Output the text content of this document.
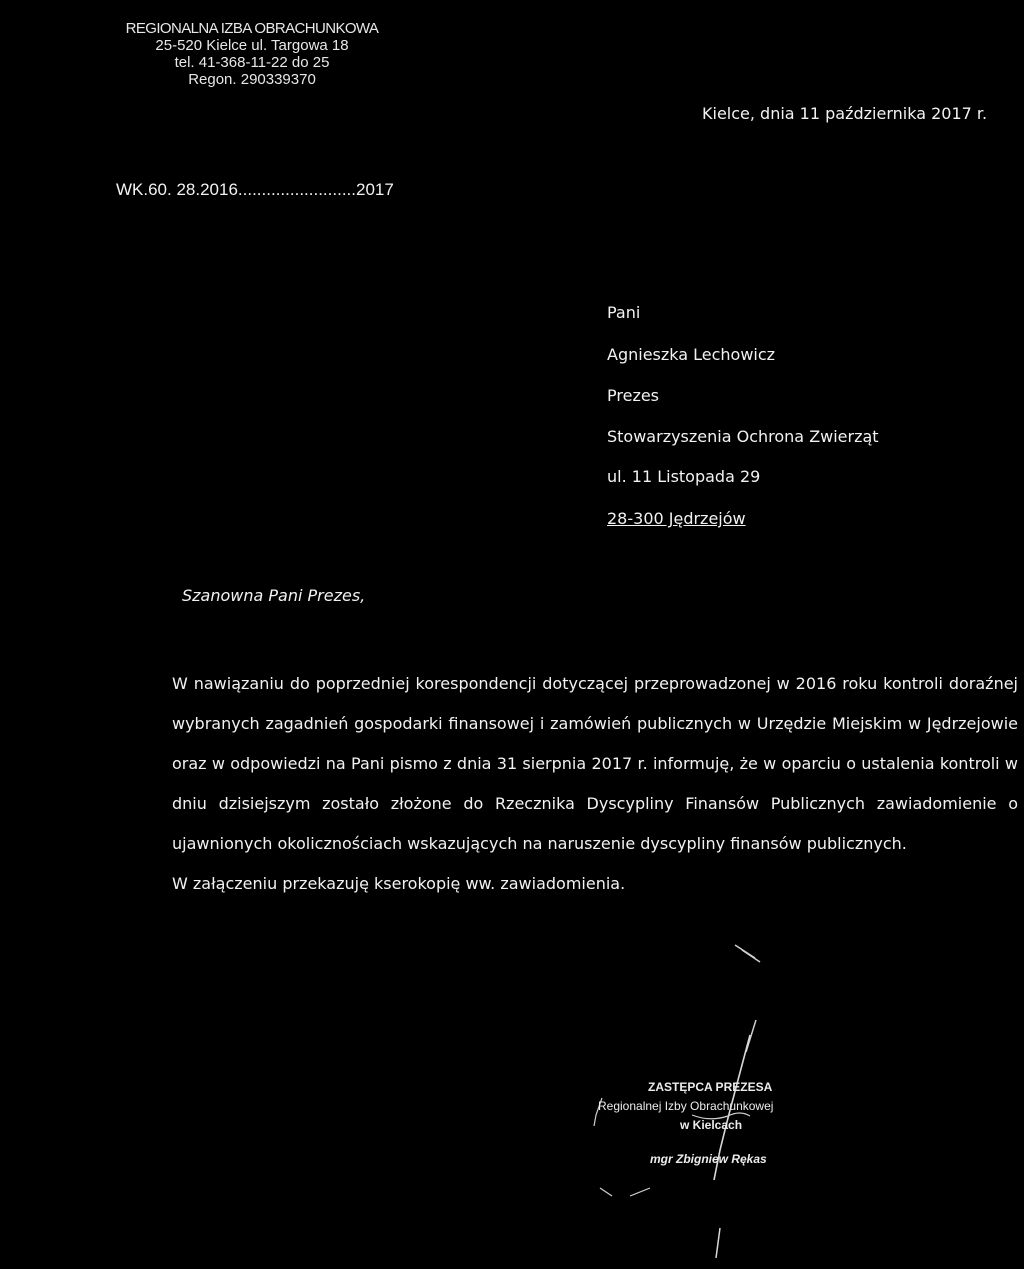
REGIONALNA IZBA OBRACHUNKOWA
25-520 Kielce ul. Targowa 18
tel. 41-368-11-22 do 25
Regon. 290339370
Kielce, dnia 11 października 2017 r.
WK.60. 28.2016.........................2017
Pani
Agnieszka Lechowicz
Prezes
Stowarzyszenia Ochrona Zwierząt
ul. 11 Listopada 29
28-300 Jędrzejów
Szanowna Pani Prezes,

W nawiązaniu do poprzedniej korespondencji dotyczącej przeprowadzonej w 2016 roku kontroli doraźnej wybranych zagadnień gospodarki finansowej i zamówień publicznych w Urzędzie Miejskim w Jędrzejowie oraz w odpowiedzi na Pani pismo z dnia 31 sierpnia 2017 r. informuję, że w oparciu o ustalenia kontroli w dniu dzisiejszym zostało złożone do Rzecznika Dyscypliny Finansów Publicznych zawiadomienie o ujawnionych okolicznościach wskazujących na naruszenie dyscypliny finansów publicznych.

W załączeniu przekazuję kserokopię ww. zawiadomienia.

ZASTĘPCA PREZESA
Regionalnej Izby Obrachunkowej
w Kielcach
mgr Zbigniew Rękas
